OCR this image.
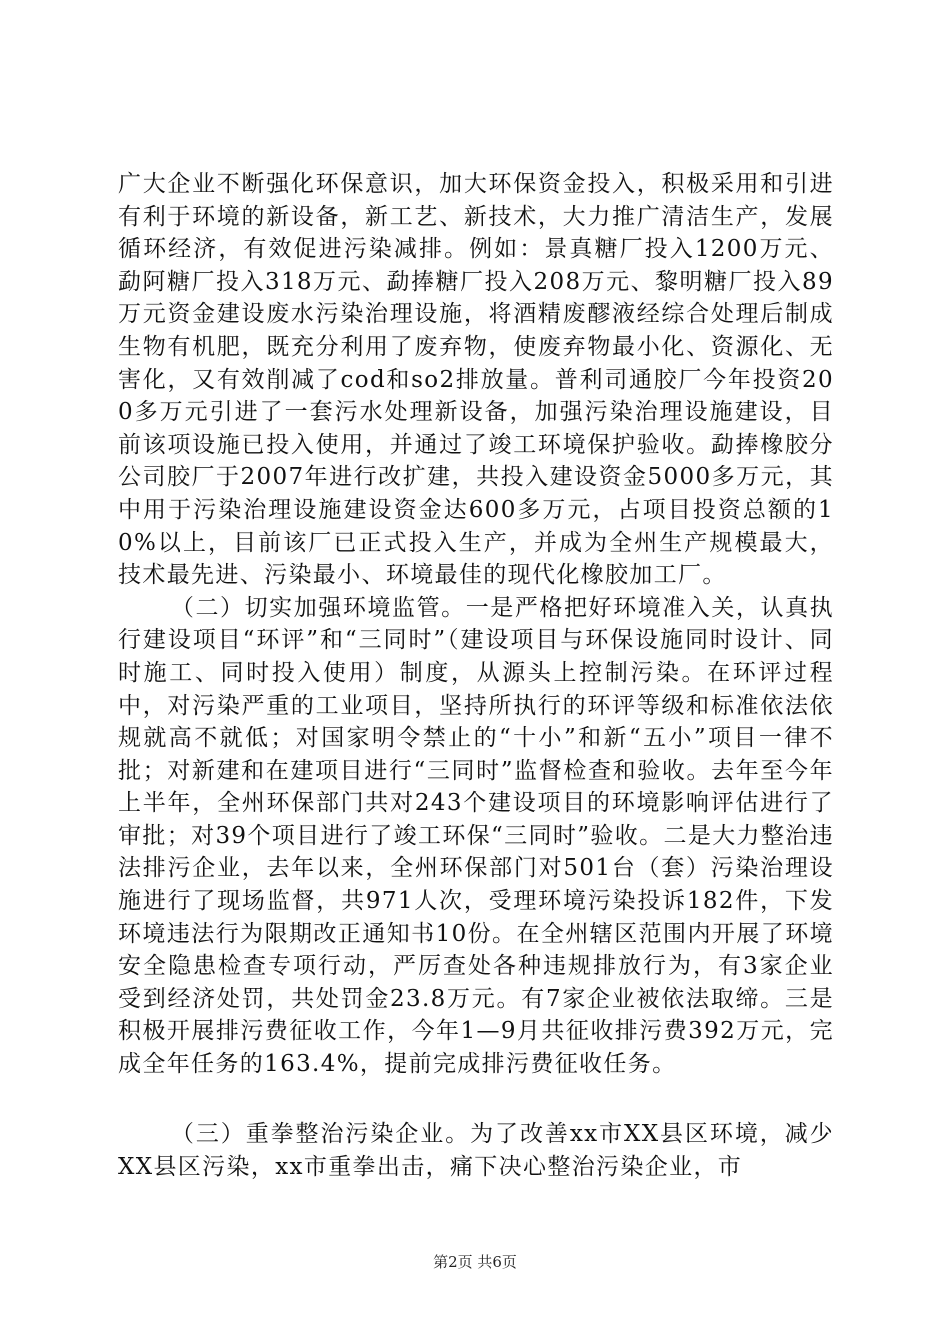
广大企业不断强化环保意识，加大环保资金投入，积极采用和引进有利于环境的新设备，新工艺、新技术，大力推广清洁生产，发展循环经济，有效促进污染减排。例如：景真糖厂投入1200万元、勐阿糖厂投入318万元、勐捧糖厂投入208万元、黎明糖厂投入89万元资金建设废水污染治理设施，将酒精废醪液经综合处理后制成生物有机肥，既充分利用了废弃物，使废弃物最小化、资源化、无害化，又有效削减了cod和so2排放量。普利司通胶厂今年投资200多万元引进了一套污水处理新设备，加强污染治理设施建设，目前该项设施已投入使用，并通过了竣工环境保护验收。勐捧橡胶分公司胶厂于2007年进行改扩建，共投入建设资金5000多万元，其中用于污染治理设施建设资金达600多万元，占项目投资总额的10%以上，目前该厂已正式投入生产，并成为全州生产规模最大，技术最先进、污染最小、环境最佳的现代化橡胶加工厂。

（二）切实加强环境监管。一是严格把好环境准入关，认真执行建设项目“环评”和“三同时”（建设项目与环保设施同时设计、同时施工、同时投入使用）制度，从源头上控制污染。在环评过程中，对污染严重的工业项目，坚持所执行的环评等级和标准依法依规就高不就低；对国家明令禁止的“十小”和新“五小”项目一律不批；对新建和在建项目进行“三同时”监督检查和验收。去年至今年上半年，全州环保部门共对243个建设项目的环境影响评估进行了审批；对39个项目进行了竣工环保“三同时”验收。二是大力整治违法排污企业，去年以来，全州环保部门对501台（套）污染治理设施进行了现场监督，共971人次，受理环境污染投诉182件，下发环境违法行为限期改正通知书10份。在全州辖区范围内开展了环境安全隐患检查专项行动，严厉查处各种违规排放行为，有3家企业受到经济处罚，共处罚金23.8万元。有7家企业被依法取缔。三是积极开展排污费征收工作，今年1—9月共征收排污费392万元，完成全年任务的163.4%，提前完成排污费征收任务。

（三）重拳整治污染企业。为了改善xx市XX县区环境，减少XX县区污染，xx市重拳出击，痛下决心整治污染企业，市

第2页 共6页
